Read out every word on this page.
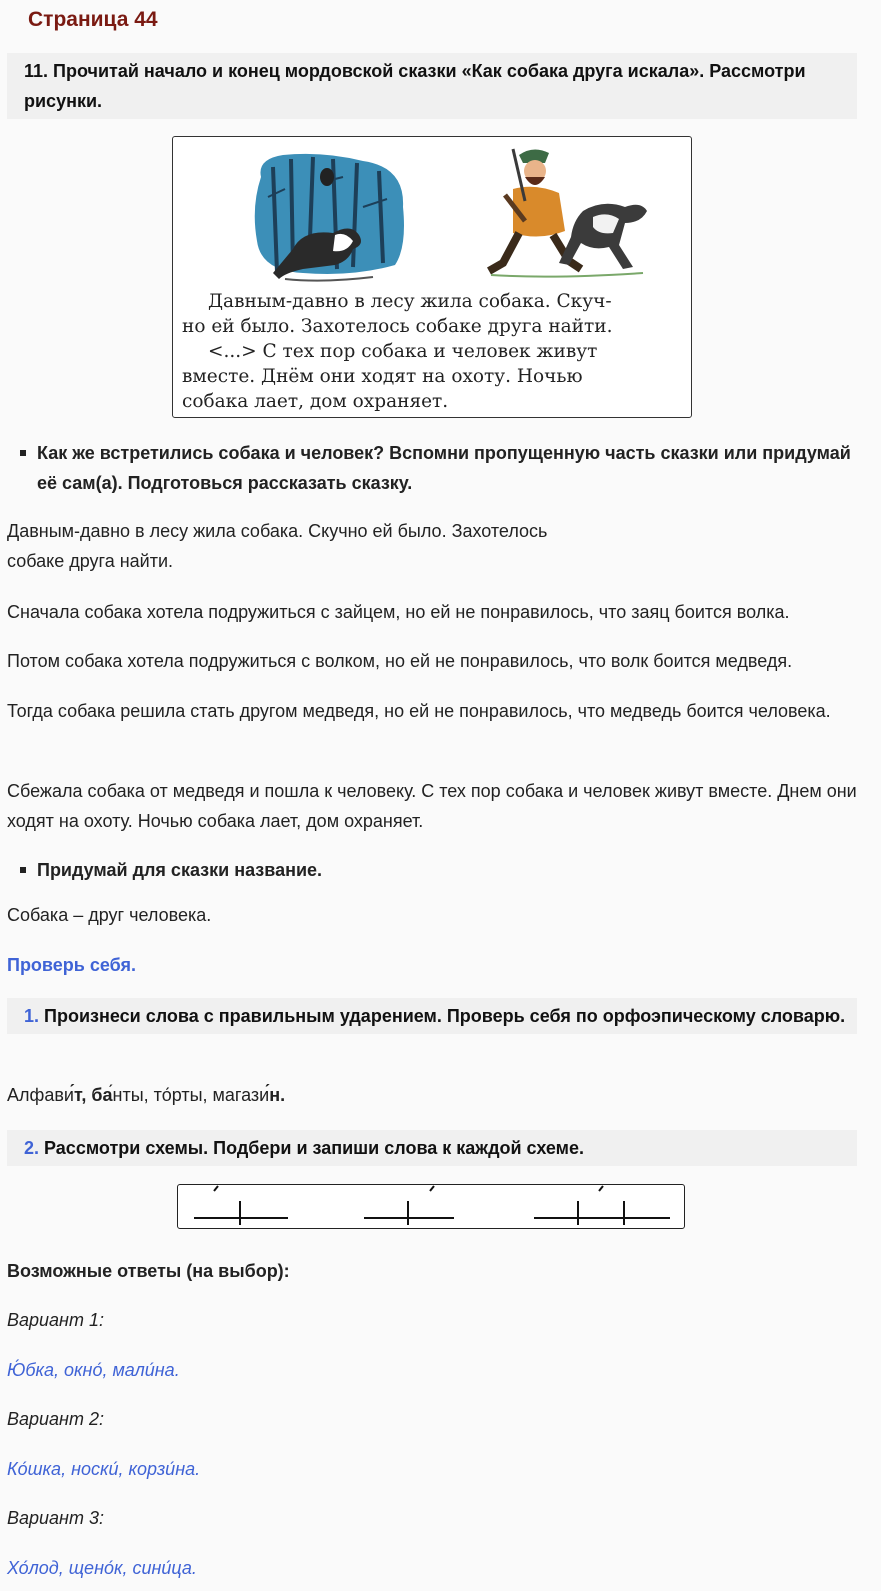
Страница 44
11. Прочитай начало и конец мордовской сказки «Как собака друга искала». Рассмотри рисунки.
Давным-давно в лесу жила собака. Скуч-
но ей было. Захотелось собаке друга найти.
<...> С тех пор собака и человек живут
вместе. Днём они ходят на охоту. Ночью
собака лает, дом охраняет.
Как же встретились собака и человек? Вспомни пропущенную часть сказки или придумай её сам(а). Подготовься рассказать сказку.
Давным-давно в лесу жила собака. Скучно ей было. Захотелось
собаке друга найти.
Сначала собака хотела подружиться с зайцем, но ей не понравилось, что заяц боится волка.
Потом собака хотела подружиться с волком, но ей не понравилось, что волк боится медведя.
Тогда собака решила стать другом медведя, но ей не понравилось, что медведь боится человека.
Сбежала собака от медведя и пошла к человеку. С тех пор собака и человек живут вместе. Днем они ходят на охоту. Ночью собака лает, дом охраняет.
Придумай для сказки название.
Собака – друг человека.
Проверь себя.
1. Произнеси слова с правильным ударением. Проверь себя по орфоэпическому словарю.
Алфави́т, ба́нты, то́рты, магази́н.
2. Рассмотри схемы. Подбери и запиши слова к каждой схеме.
Возможные ответы (на выбор):
Вариант 1:
Ю́бка, окно́, мали́на.
Вариант 2:
Ко́шка, носки́, корзи́на.
Вариант 3:
Хо́лод, щено́к, сини́ца.
